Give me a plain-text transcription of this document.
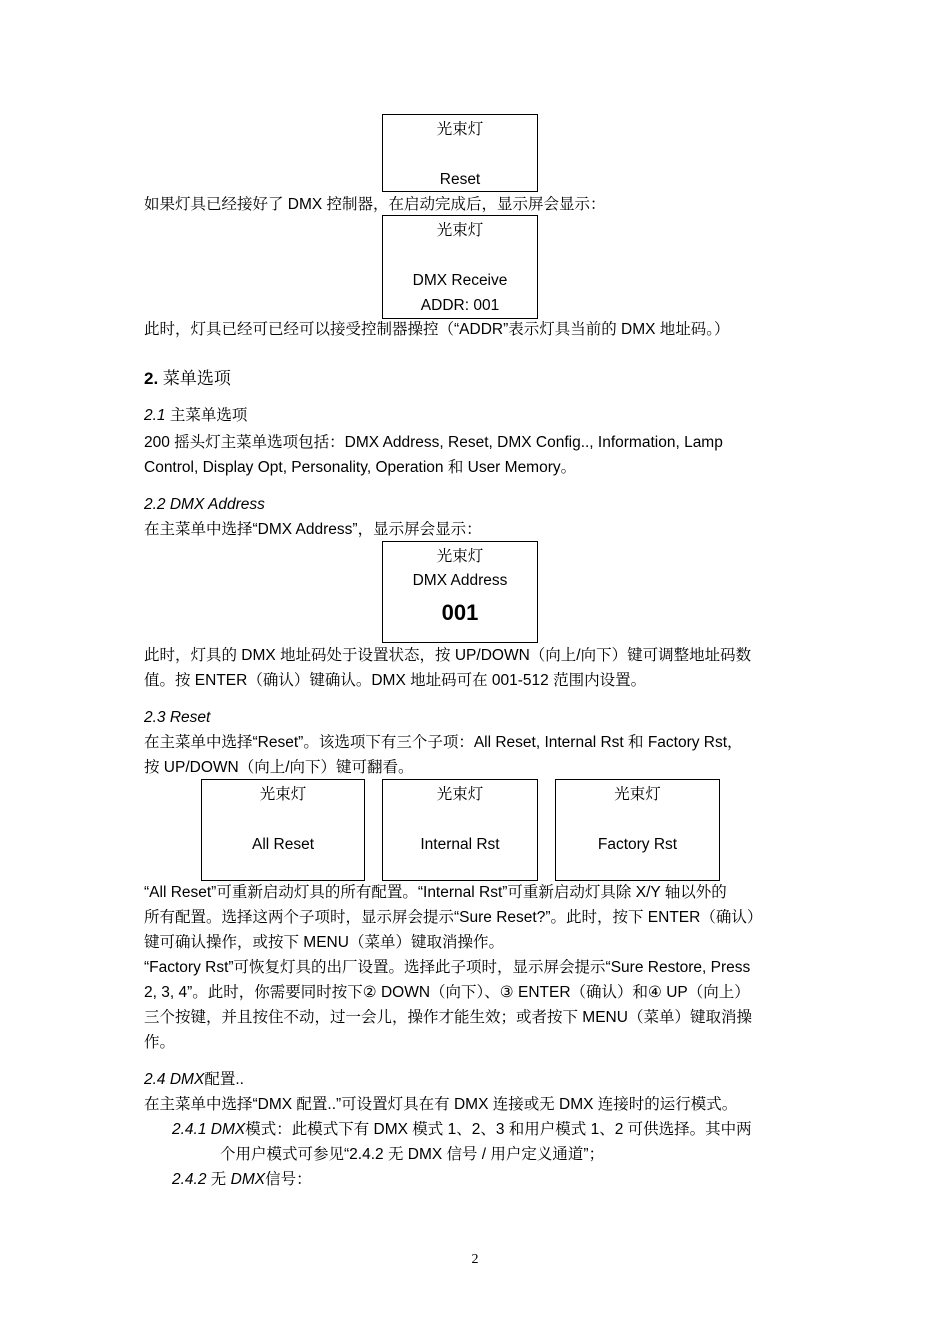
光束灯
Reset
如果灯具已经接好了 DMX 控制器，在启动完成后，显示屏会显示：
光束灯
DMX Receive
ADDR: 001
此时，灯具已经可已经可以接受控制器操控（“ADDR”表示灯具当前的 DMX 地址码。）
2. 菜单选项
2.1 主菜单选项
200 摇头灯主菜单选项包括：DMX Address, Reset, DMX Config.., Information, Lamp
Control, Display Opt, Personality, Operation 和 User Memory。
2.2 DMX Address
在主菜单中选择“DMX Address”，显示屏会显示：
光束灯
DMX Address
001
此时，灯具的 DMX 地址码处于设置状态，按 UP/DOWN（向上/向下）键可调整地址码数
值。按 ENTER（确认）键确认。DMX 地址码可在 001-512 范围内设置。
2.3 Reset
在主菜单中选择“Reset”。该选项下有三个子项：All Reset, Internal Rst 和 Factory Rst，
按 UP/DOWN（向上/向下）键可翻看。
光束灯
All Reset
光束灯
Internal Rst
光束灯
Factory Rst
“All Reset”可重新启动灯具的所有配置。“Internal Rst”可重新启动灯具除 X/Y 轴以外的
所有配置。选择这两个子项时，显示屏会提示“Sure Reset?”。此时，按下 ENTER（确认）
键可确认操作，或按下 MENU（菜单）键取消操作。
“Factory Rst”可恢复灯具的出厂设置。选择此子项时，显示屏会提示“Sure Restore, Press
2, 3, 4”。此时，你需要同时按下② DOWN（向下）、③ ENTER（确认）和④ UP（向上）
三个按键，并且按住不动，过一会儿，操作才能生效；或者按下 MENU（菜单）键取消操
作。
2.4 DMX配置..
在主菜单中选择“DMX 配置..”可设置灯具在有 DMX 连接或无 DMX 连接时的运行模式。
2.4.1 DMX模式：此模式下有 DMX 模式 1、2、3 和用户模式 1、2 可供选择。其中两
个用户模式可参见“2.4.2 无 DMX 信号 / 用户定义通道”；
2.4.2 无 DMX信号：
2
